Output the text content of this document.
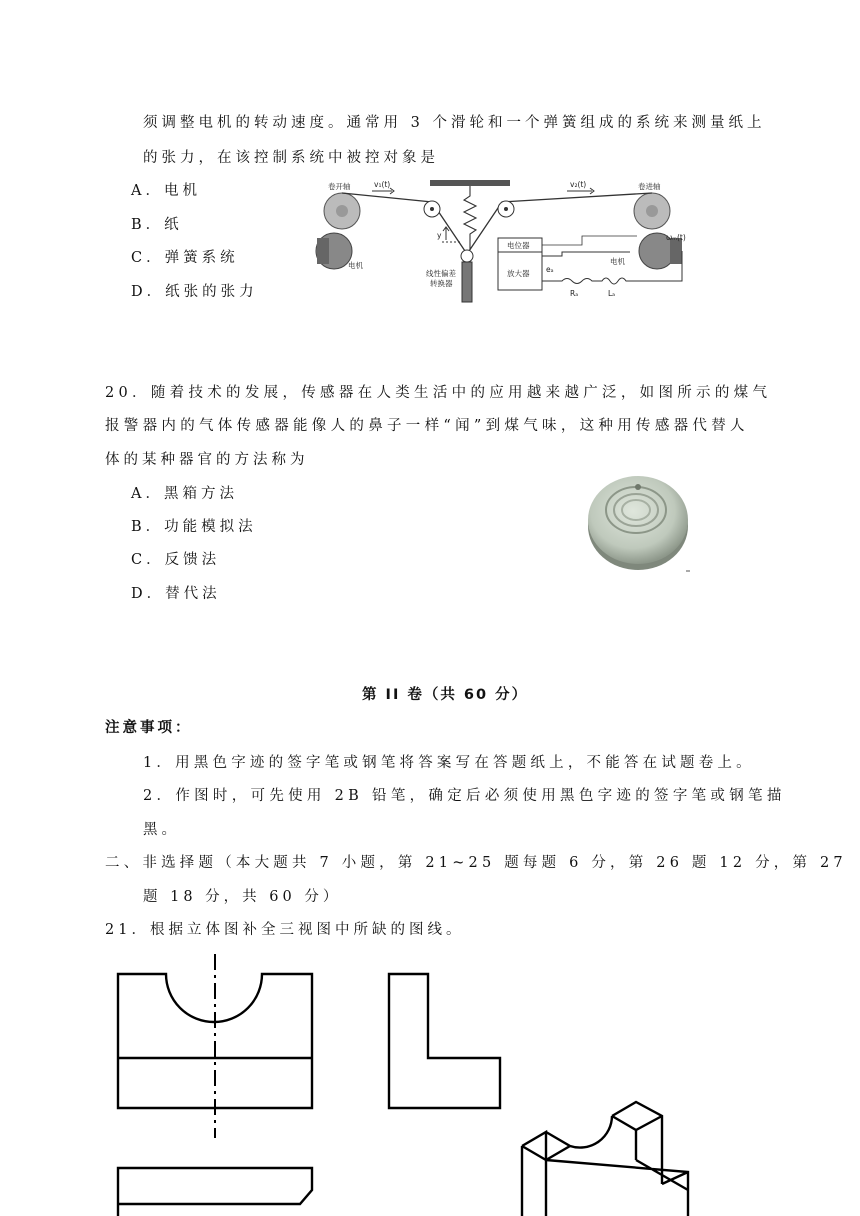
须调整电机的转动速度。通常用 3 个滑轮和一个弹簧组成的系统来测量纸上
的张力，在该控制系统中被控对象是
A．电机
B．纸
C．弹簧系统
D．纸张的张力
卷开轴	卷进轴
v₁(t)	v₂(t)
电机	电机
y
电位器
放大器
线性偏差
转换器
Rₐ	Lₐ
eₐ
ωₘ(t)
20．随着技术的发展，传感器在人类生活中的应用越来越广泛，如图所示的煤气
报警器内的气体传感器能像人的鼻子一样“闻”到煤气味，这种用传感器代替人
体的某种器官的方法称为
A．黑箱方法
B．功能模拟法
C．反馈法
D．替代法
第 II 卷（共 60 分）
注意事项：
1．用黑色字迹的签字笔或钢笔将答案写在答题纸上，不能答在试题卷上。
2．作图时，可先使用 2B 铅笔，确定后必须使用黑色字迹的签字笔或钢笔描
黑。
二、非选择题（本大题共 7 小题，第 21~25 题每题 6 分，第 26 题 12 分，第 27
题 18 分，共 60 分）
21．根据立体图补全三视图中所缺的图线。
